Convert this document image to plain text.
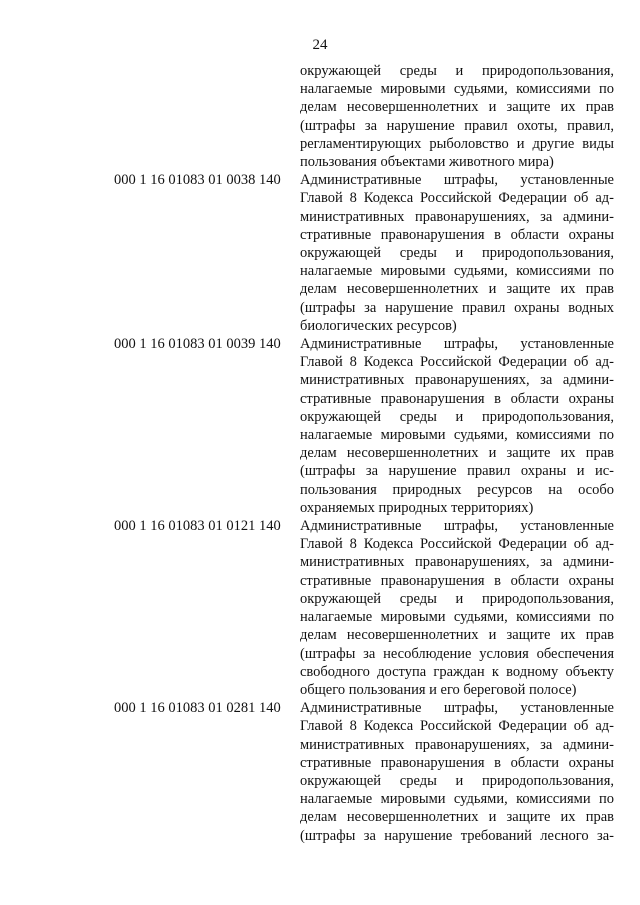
24
окружающей среды и природопользования,
налагаемые мировыми судьями, комиссиями по
делам несовершеннолетних и защите их прав
(штрафы за нарушение правил охоты, правил,
регламентирующих рыболовство и другие виды
пользования объектами животного мира)
000 1 16 01083 01 0038 140 Административные штрафы, установленные
Главой 8 Кодекса Российской Федерации об ад-
министративных правонарушениях, за админи-
стративные правонарушения в области охраны
окружающей среды и природопользования,
налагаемые мировыми судьями, комиссиями по
делам несовершеннолетних и защите их прав
(штрафы за нарушение правил охраны водных
биологических ресурсов)
000 1 16 01083 01 0039 140 Административные штрафы, установленные
Главой 8 Кодекса Российской Федерации об ад-
министративных правонарушениях, за админи-
стративные правонарушения в области охраны
окружающей среды и природопользования,
налагаемые мировыми судьями, комиссиями по
делам несовершеннолетних и защите их прав
(штрафы за нарушение правил охраны и ис-
пользования природных ресурсов на особо
охраняемых природных территориях)
000 1 16 01083 01 0121 140 Административные штрафы, установленные
Главой 8 Кодекса Российской Федерации об ад-
министративных правонарушениях, за админи-
стративные правонарушения в области охраны
окружающей среды и природопользования,
налагаемые мировыми судьями, комиссиями по
делам несовершеннолетних и защите их прав
(штрафы за несоблюдение условия обеспечения
свободного доступа граждан к водному объекту
общего пользования и его береговой полосе)
000 1 16 01083 01 0281 140 Административные штрафы, установленные
Главой 8 Кодекса Российской Федерации об ад-
министративных правонарушениях, за админи-
стративные правонарушения в области охраны
окружающей среды и природопользования,
налагаемые мировыми судьями, комиссиями по
делам несовершеннолетних и защите их прав
(штрафы за нарушение требований лесного за-
